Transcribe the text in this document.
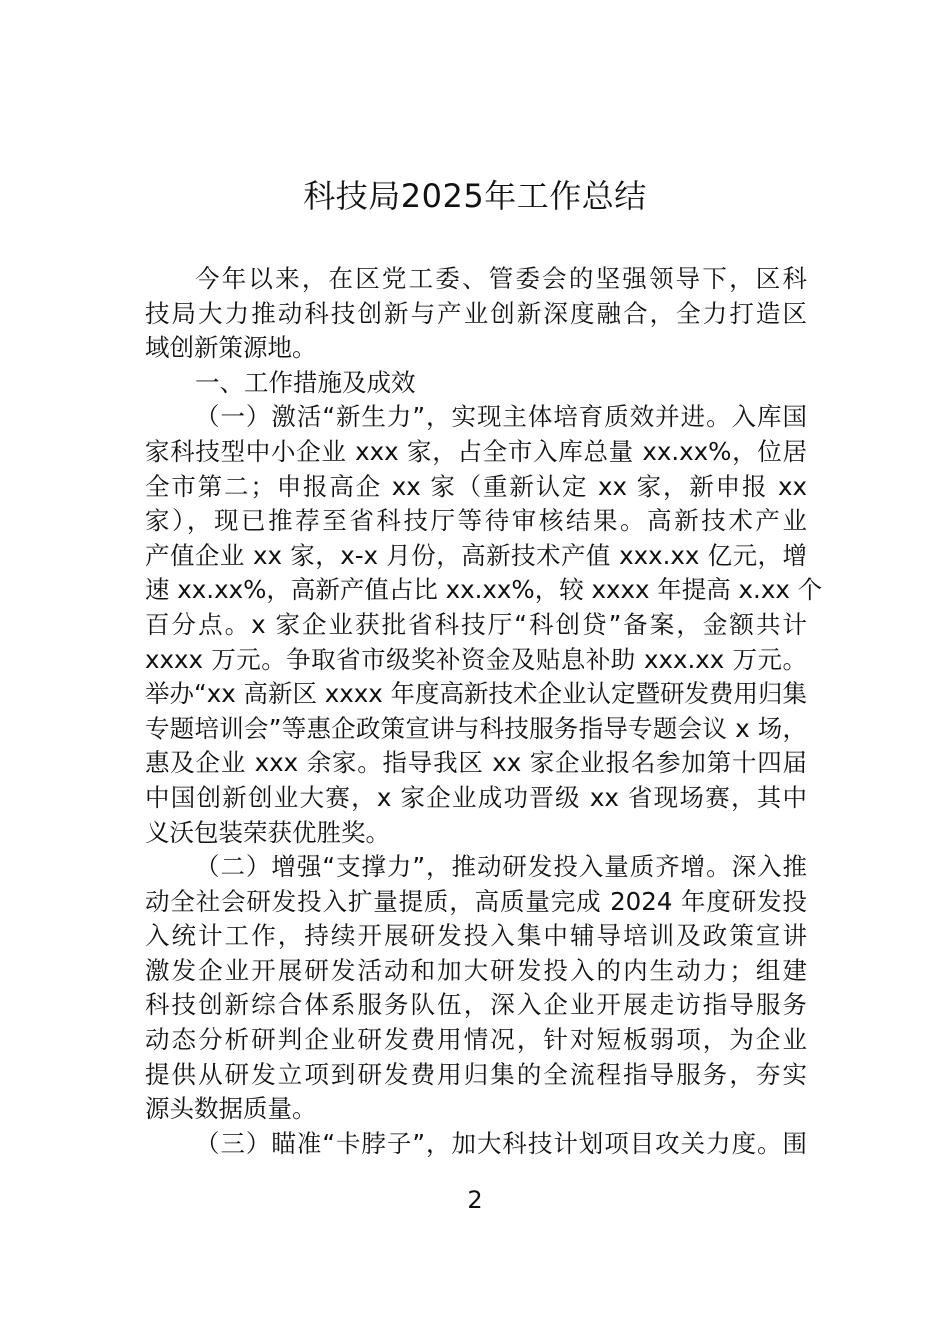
科技局2025年工作总结
今年以来，在区党工委、管委会的坚强领导下，区科
技局大力推动科技创新与产业创新深度融合，全力打造区
域创新策源地。
一、工作措施及成效
（一）激活“新生力”，实现主体培育质效并进。入库国
家科技型中小企业 xxx 家，占全市入库总量 xx.xx%，位居
全市第二；申报高企 xx 家（重新认定 xx 家，新申报 xx
家），现已推荐至省科技厅等待审核结果。高新技术产业
产值企业 xx 家，x-x 月份，高新技术产值 xxx.xx 亿元，增
速 xx.xx%，高新产值占比 xx.xx%，较 xxxx 年提高 x.xx 个
百分点。x 家企业获批省科技厅“科创贷”备案，金额共计
xxxx 万元。争取省市级奖补资金及贴息补助 xxx.xx 万元。
举办“xx 高新区 xxxx 年度高新技术企业认定暨研发费用归集
专题培训会”等惠企政策宣讲与科技服务指导专题会议 x 场，
惠及企业 xxx 余家。指导我区 xx 家企业报名参加第十四届
中国创新创业大赛，x 家企业成功晋级 xx 省现场赛，其中
义沃包装荣获优胜奖。
（二）增强“支撑力”，推动研发投入量质齐增。深入推
动全社会研发投入扩量提质，高质量完成 2024 年度研发投
入统计工作，持续开展研发投入集中辅导培训及政策宣讲
激发企业开展研发活动和加大研发投入的内生动力；组建
科技创新综合体系服务队伍，深入企业开展走访指导服务
动态分析研判企业研发费用情况，针对短板弱项，为企业
提供从研发立项到研发费用归集的全流程指导服务，夯实
源头数据质量。
（三）瞄准“卡脖子”，加大科技计划项目攻关力度。围
2
